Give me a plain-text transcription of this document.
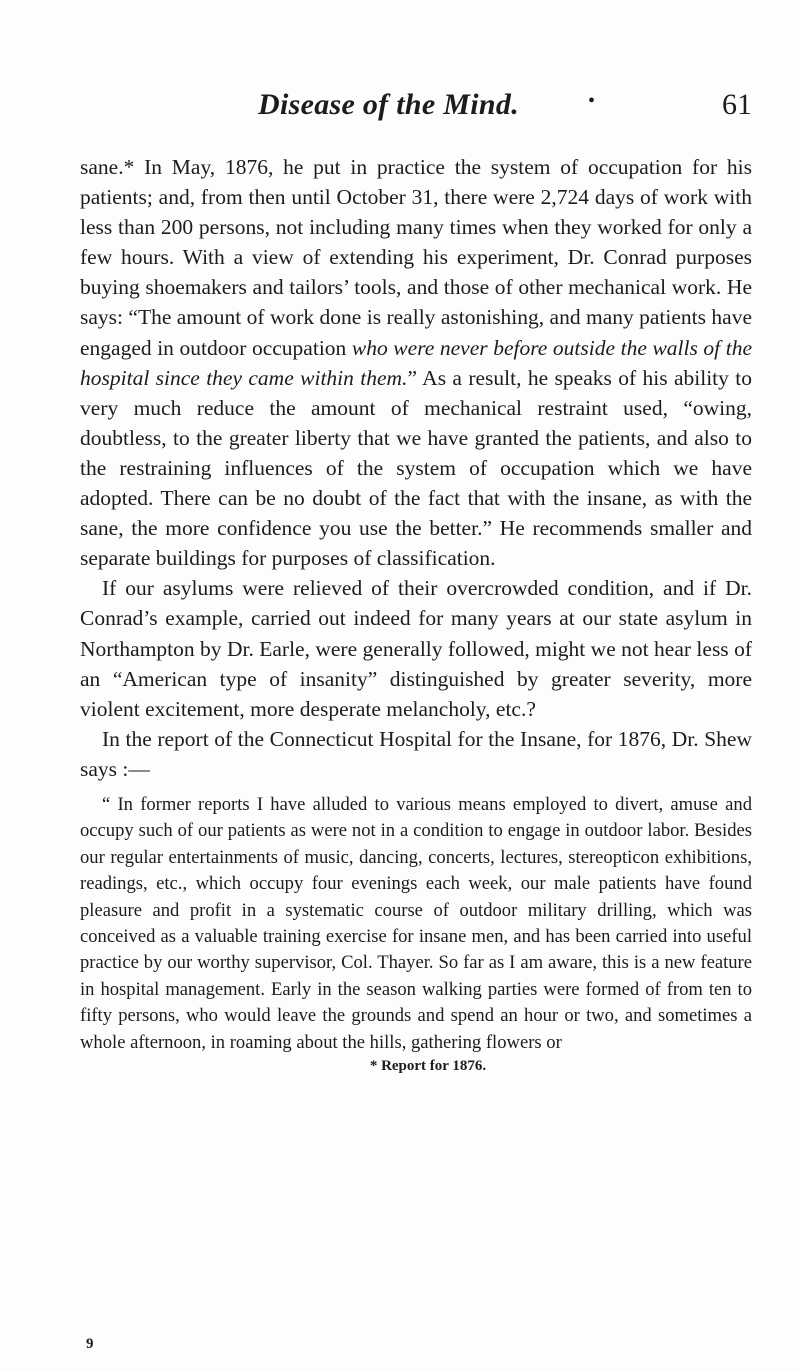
Disease of the Mind.	•	61

sane.* In May, 1876, he put in practice the system of occupation for his patients; and, from then until October 31, there were 2,724 days of work with less than 200 persons, not including many times when they worked for only a few hours. With a view of extending his experiment, Dr. Conrad purposes buying shoemakers and tailors’ tools, and those of other mechanical work. He says: “The amount of work done is really astonishing, and many patients have engaged in outdoor occupation who were never before outside the walls of the hospital since they came within them.” As a result, he speaks of his ability to very much reduce the amount of mechanical restraint used, “owing, doubtless, to the greater liberty that we have granted the patients, and also to the restraining influences of the system of occupation which we have adopted. There can be no doubt of the fact that with the insane, as with the sane, the more confidence you use the better.” He recommends smaller and separate buildings for purposes of classification.

If our asylums were relieved of their overcrowded condition, and if Dr. Conrad’s example, carried out indeed for many years at our state asylum in Northampton by Dr. Earle, were generally followed, might we not hear less of an “American type of insanity” distinguished by greater severity, more violent excitement, more desperate melancholy, etc.?

In the report of the Connecticut Hospital for the Insane, for 1876, Dr. Shew says :—

“ In former reports I have alluded to various means employed to divert, amuse and occupy such of our patients as were not in a condition to engage in outdoor labor. Besides our regular entertainments of music, dancing, concerts, lectures, stereopticon exhibitions, readings, etc., which occupy four evenings each week, our male patients have found pleasure and profit in a systematic course of outdoor military drilling, which was conceived as a valuable training exercise for insane men, and has been carried into useful practice by our worthy supervisor, Col. Thayer. So far as I am aware, this is a new feature in hospital management. Early in the season walking parties were formed of from ten to fifty persons, who would leave the grounds and spend an hour or two, and sometimes a whole afternoon, in roaming about the hills, gathering flowers or

* Report for 1876.
9
